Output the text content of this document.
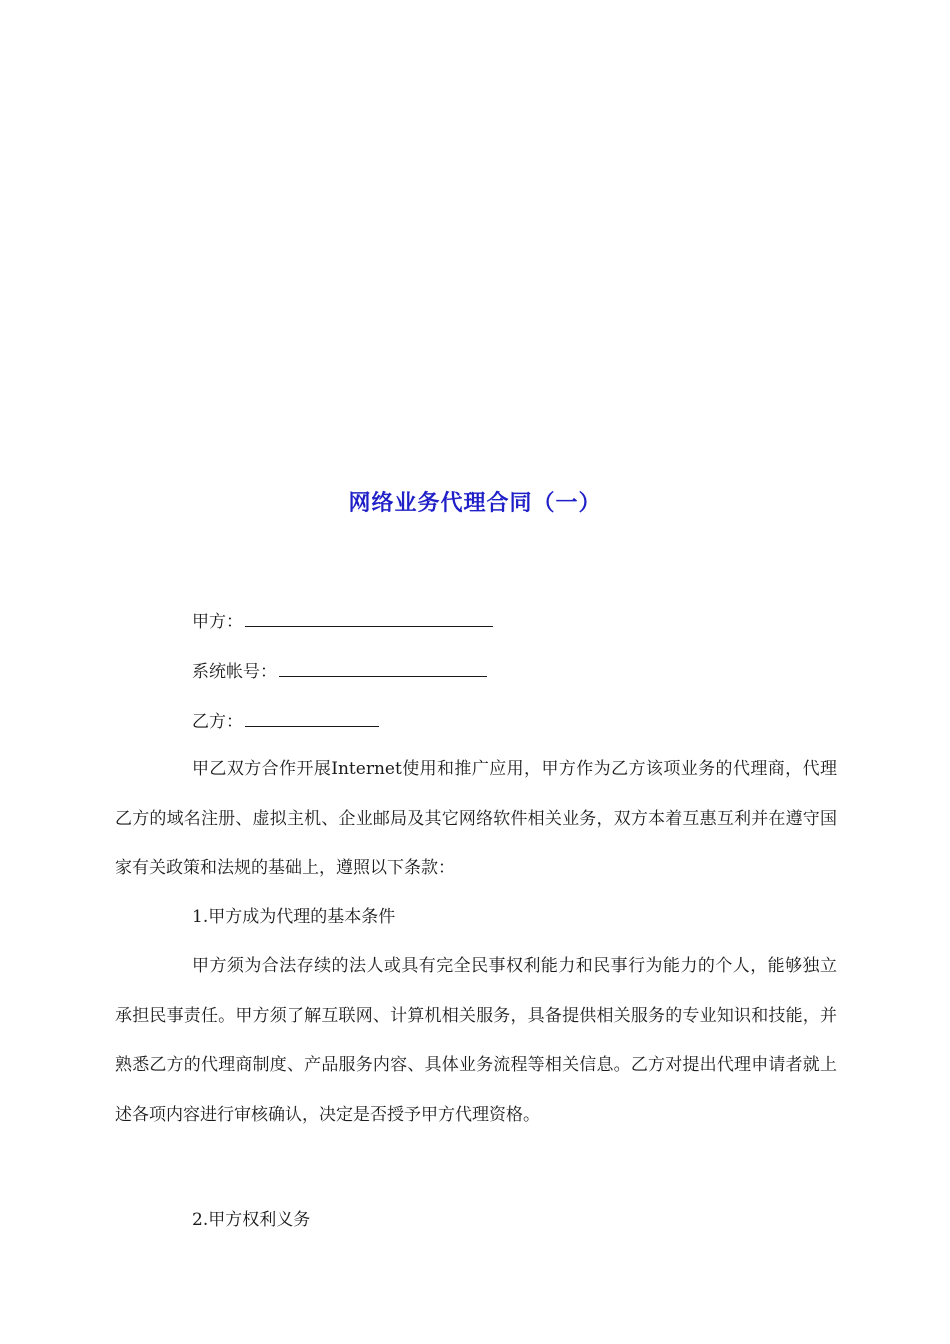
网络业务代理合同（一）
甲方：
系统帐号：
乙方：

甲乙双方合作开展Internet使用和推广应用，甲方作为乙方该项业务的代理商，代理乙方的域名注册、虚拟主机、企业邮局及其它网络软件相关业务，双方本着互惠互利并在遵守国家有关政策和法规的基础上，遵照以下条款：

1.甲方成为代理的基本条件

甲方须为合法存续的法人或具有完全民事权利能力和民事行为能力的个人，能够独立承担民事责任。甲方须了解互联网、计算机相关服务，具备提供相关服务的专业知识和技能，并熟悉乙方的代理商制度、产品服务内容、具体业务流程等相关信息。乙方对提出代理申请者就上述各项内容进行审核确认，决定是否授予甲方代理资格。

2.甲方权利义务
